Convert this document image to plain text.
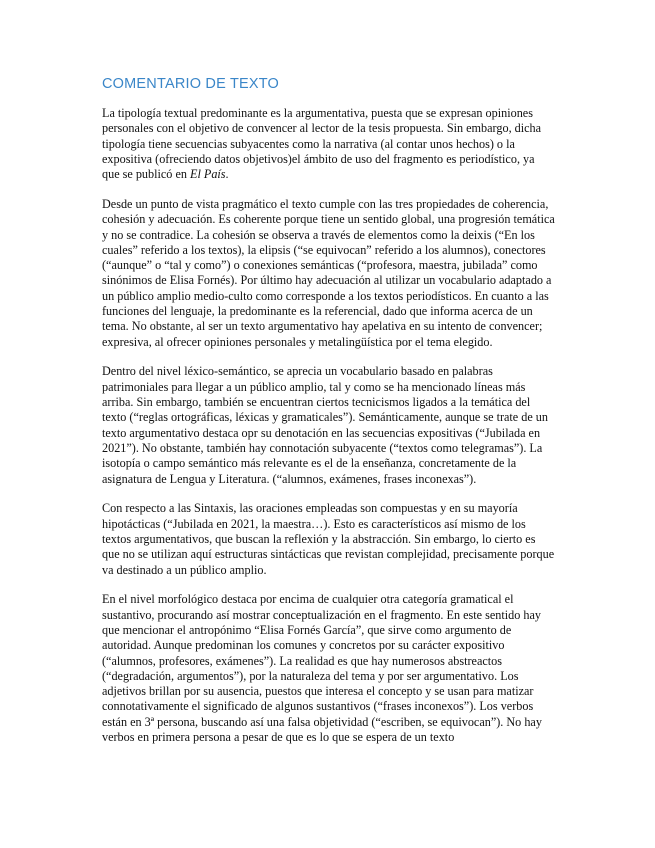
COMENTARIO DE TEXTO

La tipología textual predominante es la argumentativa, puesta que se expresan opiniones personales con el objetivo de convencer al lector de la tesis propuesta. Sin embargo, dicha tipología tiene secuencias subyacentes como la narrativa (al contar unos hechos) o la expositiva (ofreciendo datos objetivos)el ámbito de uso del fragmento es periodístico, ya que se publicó en El País.

Desde un punto de vista pragmático el texto cumple con las tres propiedades de coherencia, cohesión y adecuación. Es coherente porque tiene un sentido global, una progresión temática y no se contradice. La cohesión se observa a través de elementos como la deixis (“En los cuales” referido a los textos), la elipsis (“se equivocan” referido a los alumnos), conectores (“aunque” o “tal y como”) o conexiones semánticas (“profesora, maestra, jubilada” como sinónimos de Elisa Fornés). Por último hay adecuación al utilizar un vocabulario adaptado a un público amplio medio-culto como corresponde a los textos periodísticos. En cuanto a las funciones del lenguaje, la predominante es la referencial, dado que informa acerca de un tema. No obstante, al ser un texto argumentativo hay apelativa en su intento de convencer; expresiva, al ofrecer opiniones personales y metalingüística por el tema elegido.

Dentro del nivel léxico-semántico, se aprecia un vocabulario basado en palabras patrimoniales para llegar a un público amplio, tal y como se ha mencionado líneas más arriba. Sin embargo, también se encuentran ciertos tecnicismos ligados a la temática del texto (“reglas ortográficas, léxicas y gramaticales”). Semánticamente, aunque se trate de un texto argumentativo destaca opr su denotación en las secuencias expositivas (“Jubilada en 2021”). No obstante, también hay connotación subyacente (“textos como telegramas”). La isotopía o campo semántico más relevante es el de la enseñanza, concretamente de la asignatura de Lengua y Literatura. (“alumnos, exámenes, frases inconexas”).

Con respecto a las Sintaxis, las oraciones empleadas son compuestas y en su mayoría hipotácticas (“Jubilada en 2021, la maestra…). Esto es característicos así mismo de los textos argumentativos, que buscan la reflexión y la abstracción. Sin embargo, lo cierto es que no se utilizan aquí estructuras sintácticas que revistan complejidad, precisamente porque va destinado a un público amplio.

En el nivel morfológico destaca por encima de cualquier otra categoría gramatical el sustantivo, procurando así mostrar conceptualización en el fragmento. En este sentido hay que mencionar el antropónimo “Elisa Fornés García”, que sirve como argumento de autoridad. Aunque predominan los comunes y concretos por su carácter expositivo (“alumnos, profesores, exámenes”). La realidad es que hay numerosos abstreactos (“degradación, argumentos”), por la naturaleza del tema y por ser argumentativo. Los adjetivos brillan por su ausencia, puestos que interesa el concepto y se usan para matizar connotativamente el significado de algunos sustantivos (“frases inconexos”). Los verbos están en 3ª persona, buscando así una falsa objetividad (“escriben, se equivocan”). No hay verbos en primera persona a pesar de que es lo que se espera de un texto
